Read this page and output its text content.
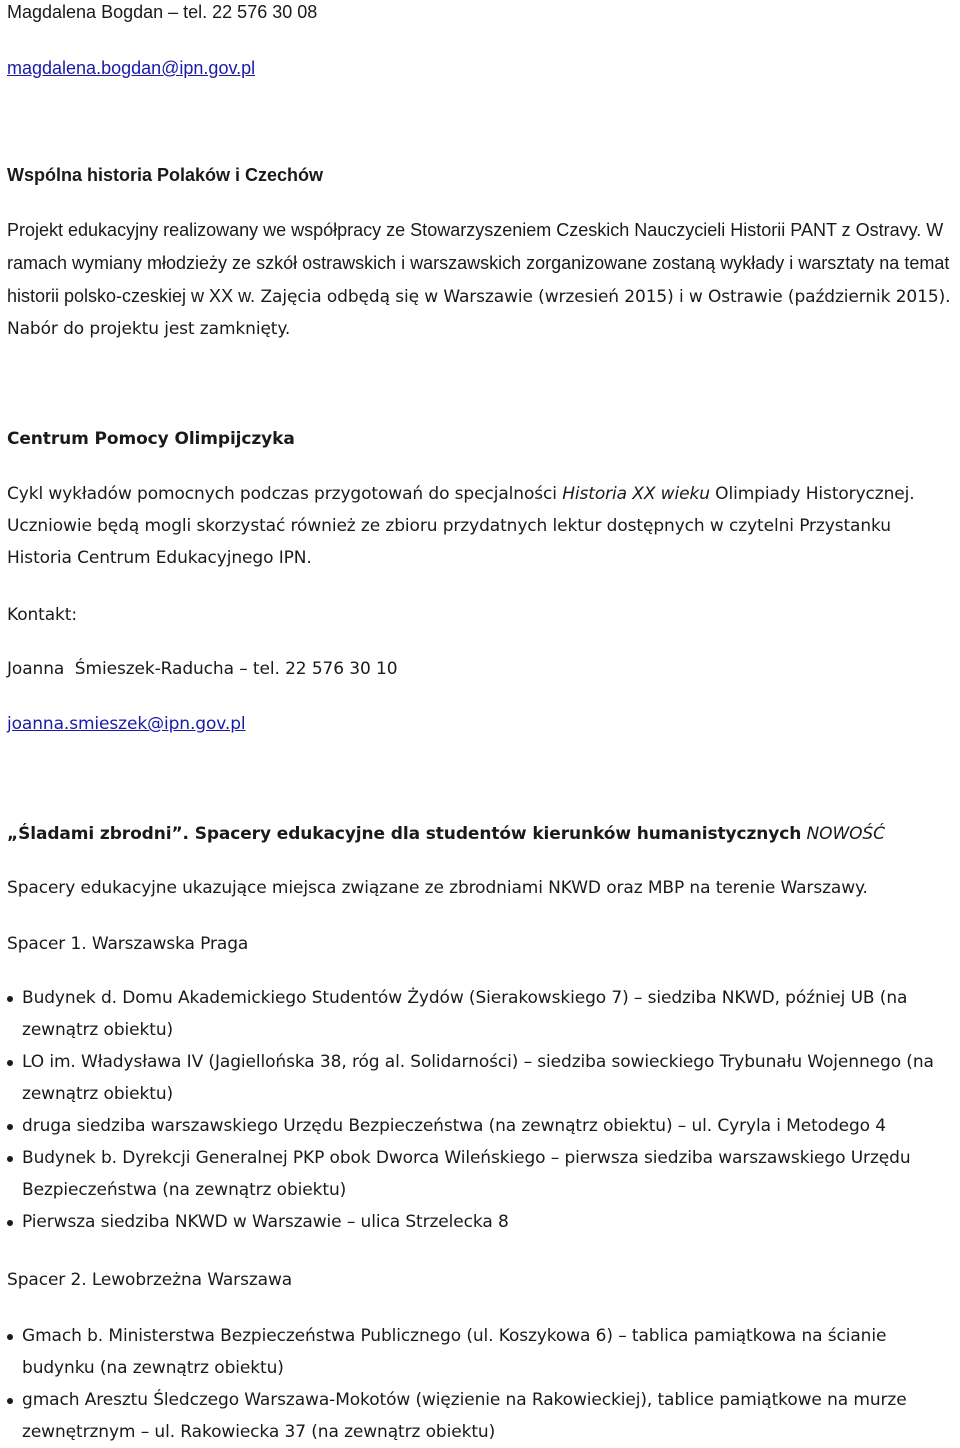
Magdalena Bogdan – tel. 22 576 30 08

magdalena.bogdan@ipn.gov.pl

Wspólna historia Polaków i Czechów

Projekt edukacyjny realizowany we współpracy ze Stowarzyszeniem Czeskich Nauczycieli Historii PANT z Ostravy. W ramach wymiany młodzieży ze szkół ostrawskich i warszawskich zorganizowane zostaną wykłady i warsztaty na temat historii polsko-czeskiej w XX w. Zajęcia odbędą się w Warszawie (wrzesień 2015) i w Ostrawie (październik 2015). Nabór do projektu jest zamknięty.

Centrum Pomocy Olimpijczyka

Cykl wykładów pomocnych podczas przygotowań do specjalności Historia XX wieku Olimpiady Historycznej. Uczniowie będą mogli skorzystać również ze zbioru przydatnych lektur dostępnych w czytelni Przystanku Historia Centrum Edukacyjnego IPN.

Kontakt:

Joanna  Śmieszek-Raducha – tel. 22 576 30 10

joanna.smieszek@ipn.gov.pl

„Śladami zbrodni”. Spacery edukacyjne dla studentów kierunków humanistycznych NOWOŚĆ

Spacery edukacyjne ukazujące miejsca związane ze zbrodniami NKWD oraz MBP na terenie Warszawy.

Spacer 1. Warszawska Praga

Budynek d. Domu Akademickiego Studentów Żydów (Sierakowskiego 7) – siedziba NKWD, później UB (na zewnątrz obiektu)
LO im. Władysława IV (Jagiellońska 38, róg al. Solidarności) – siedziba sowieckiego Trybunału Wojennego (na zewnątrz obiektu)
druga siedziba warszawskiego Urzędu Bezpieczeństwa (na zewnątrz obiektu) – ul. Cyryla i Metodego 4
Budynek b. Dyrekcji Generalnej PKP obok Dworca Wileńskiego – pierwsza siedziba warszawskiego Urzędu Bezpieczeństwa (na zewnątrz obiektu)
Pierwsza siedziba NKWD w Warszawie – ulica Strzelecka 8

Spacer 2. Lewobrzeżna Warszawa

Gmach b. Ministerstwa Bezpieczeństwa Publicznego (ul. Koszykowa 6) – tablica pamiątkowa na ścianie budynku (na zewnątrz obiektu)
gmach Aresztu Śledczego Warszawa-Mokotów (więzienie na Rakowieckiej), tablice pamiątkowe na murze zewnętrznym – ul. Rakowiecka 37 (na zewnątrz obiektu)
